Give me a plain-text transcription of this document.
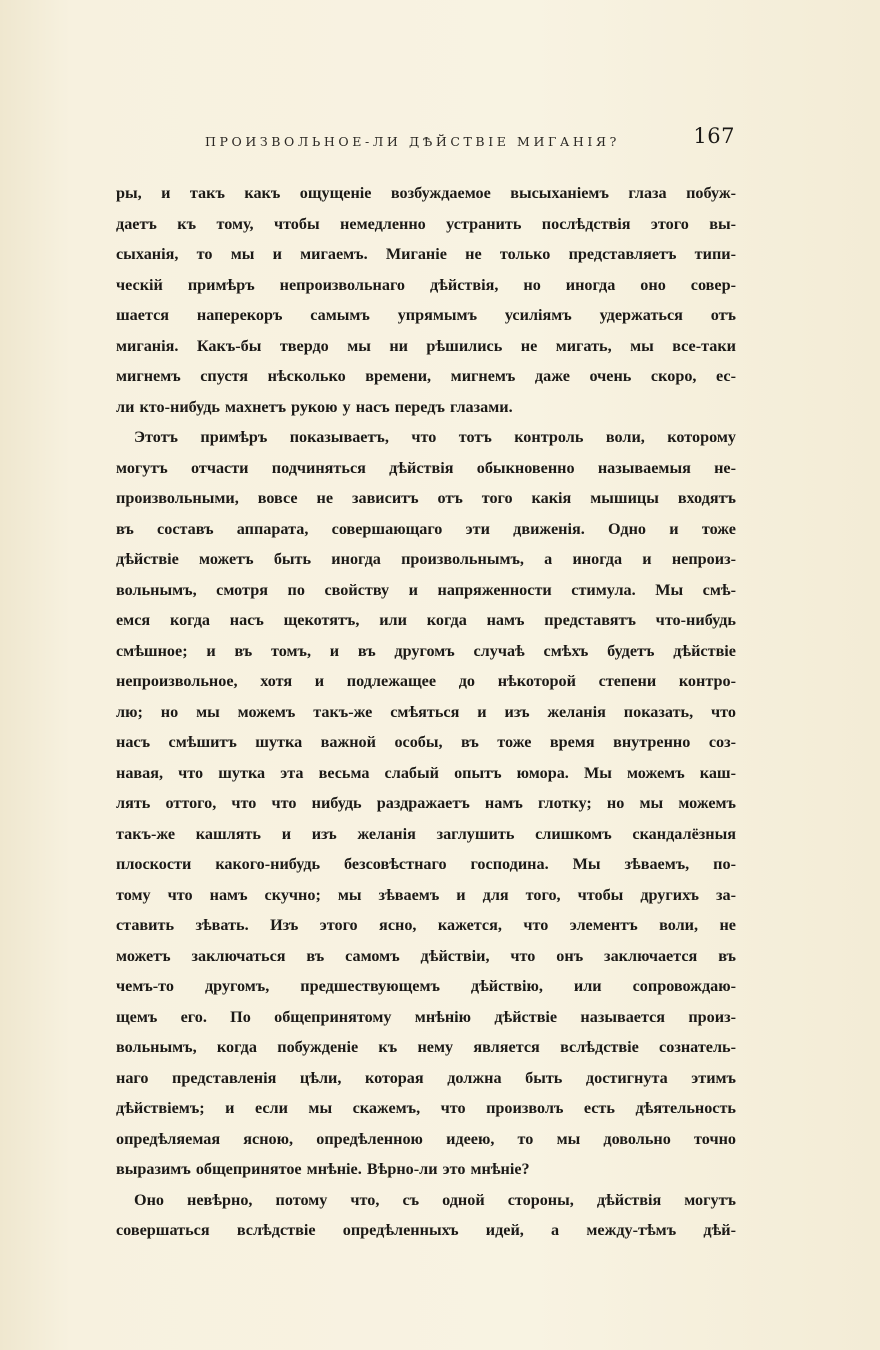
ПРОИЗВОЛЬНОЕ-ЛИ ДѢЙСТВІЕ МИГАНІЯ?	167
ры, и такъ какъ ощущеніе возбуждаемое высыханіемъ глаза побуж-
даетъ къ тому, чтобы немедленно устранить послѣдствія этого вы-
сыханія, то мы и мигаемъ. Миганіе не только представляетъ типи-
ческій примѣръ непроизвольнаго дѣйствія, но иногда оно совер-
шается наперекоръ самымъ упрямымъ усиліямъ удержаться отъ
миганія. Какъ-бы твердо мы ни рѣшились не мигать, мы все-таки
мигнемъ спустя нѣсколько времени, мигнемъ даже очень скоро, ес-
ли кто-нибудь махнетъ рукою у насъ передъ глазами.
Этотъ примѣръ показываетъ, что тотъ контроль воли, которому
могутъ отчасти подчиняться дѣйствія обыкновенно называемыя не-
произвольными, вовсе не зависитъ отъ того какія мышицы входятъ
въ составъ аппарата, совершающаго эти движенія. Одно и тоже
дѣйствіе можетъ быть иногда произвольнымъ, а иногда и непроиз-
вольнымъ, смотря по свойству и напряженности стимула. Мы смѣ-
емся когда насъ щекотятъ, или когда намъ представятъ что-нибудь
смѣшное; и въ томъ, и въ другомъ случаѣ смѣхъ будетъ дѣйствіе
непроизвольное, хотя и подлежащее до нѣкоторой степени контро-
лю; но мы можемъ такъ-же смѣяться и изъ желанія показать, что
насъ смѣшитъ шутка важной особы, въ тоже время внутренно соз-
навая, что шутка эта весьма слабый опытъ юмора. Мы можемъ каш-
лять оттого, что что нибудь раздражаетъ намъ глотку; но мы можемъ
такъ-же кашлять и изъ желанія заглушить слишкомъ скандалёзныя
плоскости какого-нибудь безсовѣстнаго господина. Мы зѣваемъ, по-
тому что намъ скучно; мы зѣваемъ и для того, чтобы другихъ за-
ставить зѣвать. Изъ этого ясно, кажется, что элементъ воли, не
можетъ заключаться въ самомъ дѣйствіи, что онъ заключается въ
чемъ-то другомъ, предшествующемъ дѣйствію, или сопровождаю-
щемъ его. По общепринятому мнѣнію дѣйствіе называется произ-
вольнымъ, когда побужденіе къ нему является вслѣдствіе сознатель-
наго представленія цѣли, которая должна быть достигнута этимъ
дѣйствіемъ; и если мы скажемъ, что произволъ есть дѣятельность
опредѣляемая ясною, опредѣленною идеею, то мы довольно точно
выразимъ общепринятое мнѣніе. Вѣрно-ли это мнѣніе?
Оно невѣрно, потому что, съ одной стороны, дѣйствія могутъ
совершаться вслѣдствіе опредѣленныхъ идей, а между-тѣмъ дѣй-
